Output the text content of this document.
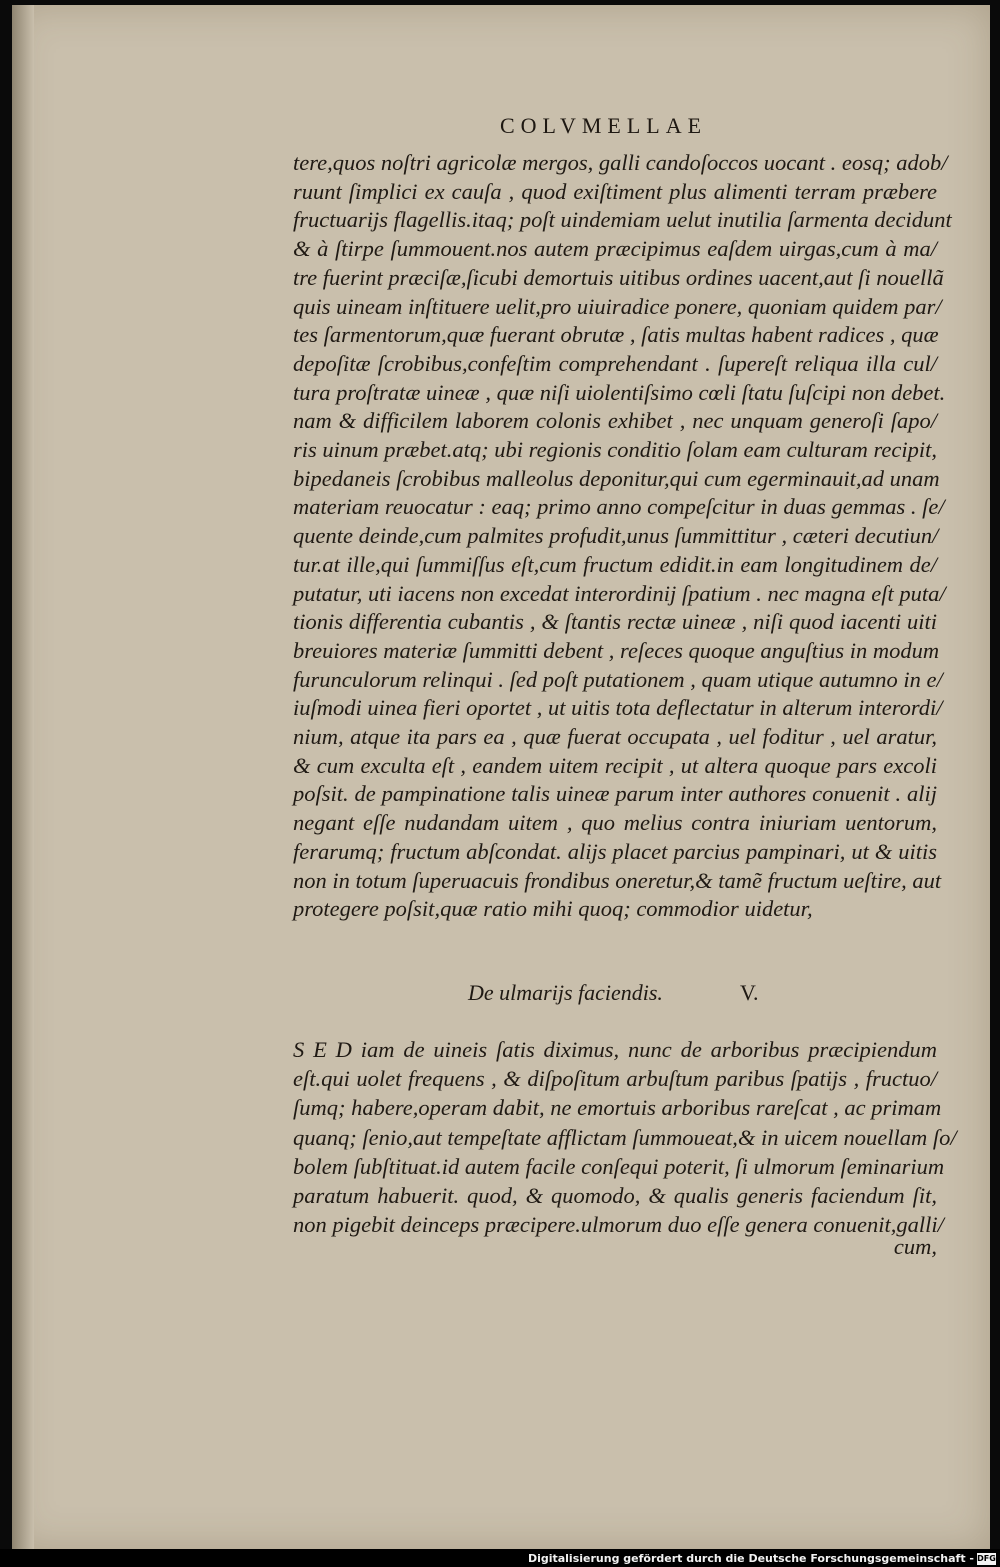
COLVMELLAE
tere,quos noſtri agricolæ mergos, galli candoſoccos uocant . eosq; adob/
ruunt ſimplici ex cauſa , quod exiſtiment plus alimenti terram præbere
fructuarijs flagellis.itaq; poſt uindemiam uelut inutilia ſarmenta decidunt
& à ſtirpe ſummouent.nos autem præcipimus eaſdem uirgas,cum à ma/
tre fuerint præciſæ,ſicubi demortuis uitibus ordines uacent,aut ſi nouellã
quis uineam inſtituere uelit,pro uiuiradice ponere, quoniam quidem par/
tes ſarmentorum,quæ fuerant obrutæ , ſatis multas habent radices , quæ
depoſitæ ſcrobibus,confeſtim comprehendant . ſupereſt reliqua illa cul/
tura proſtratæ uineæ , quæ niſi uiolentiſsimo cœli ſtatu ſuſcipi non debet.
nam & difficilem laborem colonis exhibet , nec unquam generoſi ſapo/
ris uinum præbet.atq; ubi regionis conditio ſolam eam culturam recipit,
bipedaneis ſcrobibus malleolus deponitur,qui cum egerminauit,ad unam
materiam reuocatur : eaq; primo anno compeſcitur in duas gemmas . ſe/
quente deinde,cum palmites profudit,unus ſummittitur , cæteri decutiun/
tur.at ille,qui ſummiſſus eſt,cum fructum edidit.in eam longitudinem de/
putatur, uti iacens non excedat interordinij ſpatium . nec magna eſt puta/
tionis differentia cubantis , & ſtantis rectæ uineæ , niſi quod iacenti uiti
breuiores materiæ ſummitti debent , reſeces quoque anguſtius in modum
furunculorum relinqui . ſed poſt putationem , quam utique autumno in e/
iuſmodi uinea fieri oportet , ut uitis tota deflectatur in alterum interordi/
nium, atque ita pars ea , quæ fuerat occupata , uel foditur , uel aratur,
& cum exculta eſt , eandem uitem recipit , ut altera quoque pars excoli
poſsit. de pampinatione talis uineæ parum inter authores conuenit . alij
negant eſſe nudandam uitem , quo melius contra iniuriam uentorum,
ferarumq; fructum abſcondat. alijs placet parcius pampinari, ut & uitis
non in totum ſuperuacuis frondibus oneretur,& tamẽ fructum ueſtire, aut
protegere poſsit,quæ ratio mihi quoq; commodior uidetur,
De ulmarijs faciendis.	V.
S E D iam de uineis ſatis diximus, nunc de arboribus præcipiendum
eſt.qui uolet frequens , & diſpoſitum arbuſtum paribus ſpatijs , fructuo/
ſumq; habere,operam dabit, ne emortuis arboribus rareſcat , ac primam
quanq; ſenio,aut tempeſtate afflictam ſummoueat,& in uicem nouellam ſo/
bolem ſubſtituat.id autem facile conſequi poterit, ſi ulmorum ſeminarium
paratum habuerit. quod, & quomodo, & qualis generis faciendum ſit,
non pigebit deinceps præcipere.ulmorum duo eſſe genera conuenit,galli/
cum,
Digitalisierung gefördert durch die Deutsche Forschungsgemeinschaft - DFG
